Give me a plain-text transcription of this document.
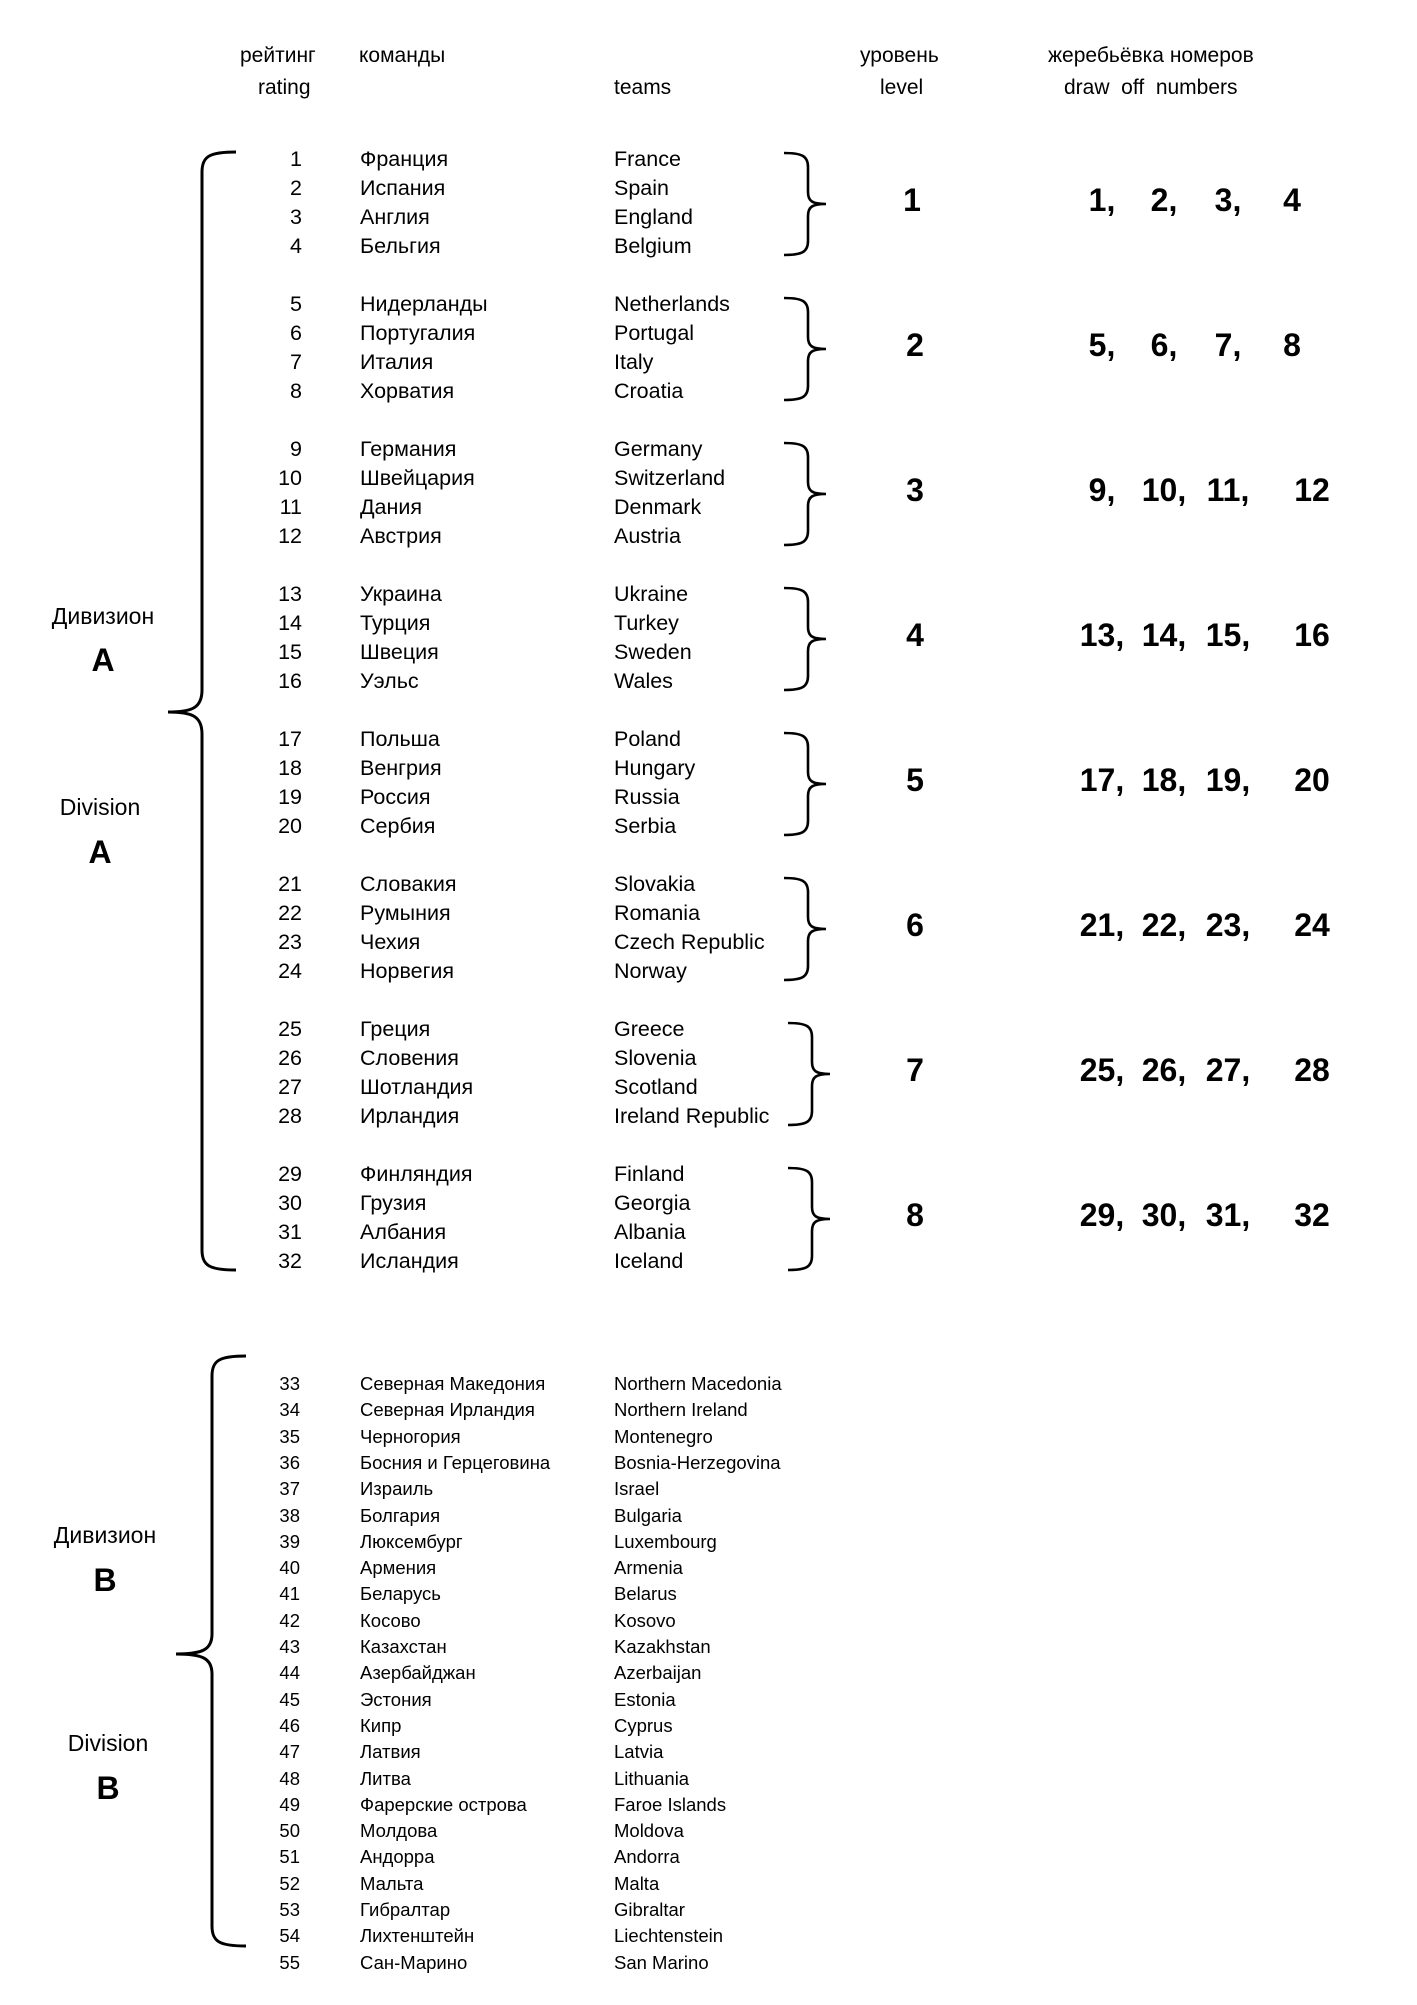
рейтинг
rating
команды
teams
уровень
level
жеребьёвка номеров
draw  off  numbers
Дивизион
A
Division
A
Дивизион
B
Division
B
1	Франция	France
2	Испания	Spain
3	Англия	England
4	Бельгия	Belgium
5	Нидерланды	Netherlands
6	Португалия	Portugal
7	Италия	Italy
8	Хорватия	Croatia
9	Германия	Germany
10	Швейцария	Switzerland
11	Дания	Denmark
12	Австрия	Austria
13	Украина	Ukraine
14	Турция	Turkey
15	Швеция	Sweden
16	Уэльс	Wales
17	Польша	Poland
18	Венгрия	Hungary
19	Россия	Russia
20	Сербия	Serbia
21	Словакия	Slovakia
22	Румыния	Romania
23	Чехия	Czech Republic
24	Норвегия	Norway
25	Греция	Greece
26	Словения	Slovenia
27	Шотландия	Scotland
28	Ирландия	Ireland Republic
29	Финляндия	Finland
30	Грузия	Georgia
31	Албания	Albania
32	Исландия	Iceland
1	1,	2,	3,	4
2	5,	6,	7,	8
3	9, 10, 11,	12
4	13, 14, 15,	16
5	17, 18, 19,	20
6	21, 22, 23,	24
7	25, 26, 27,	28
8	29, 30, 31,	32
33	Северная Македония	Northern Macedonia
34	Северная Ирландия	Northern Ireland
35	Черногория	Montenegro
36	Босния и Герцеговина	Bosnia-Herzegovina
37	Израиль	Israel
38	Болгария	Bulgaria
39	Люксембург	Luxembourg
40	Армения	Armenia
41	Беларусь	Belarus
42	Косово	Kosovo
43	Казахстан	Kazakhstan
44	Азербайджан	Azerbaijan
45	Эстония	Estonia
46	Кипр	Cyprus
47	Латвия	Latvia
48	Литва	Lithuania
49	Фарерские острова	Faroe Islands
50	Молдова	Moldova
51	Андорра	Andorra
52	Мальта	Malta
53	Гибралтар	Gibraltar
54	Лихтенштейн	Liechtenstein
55	Сан-Марино	San Marino
